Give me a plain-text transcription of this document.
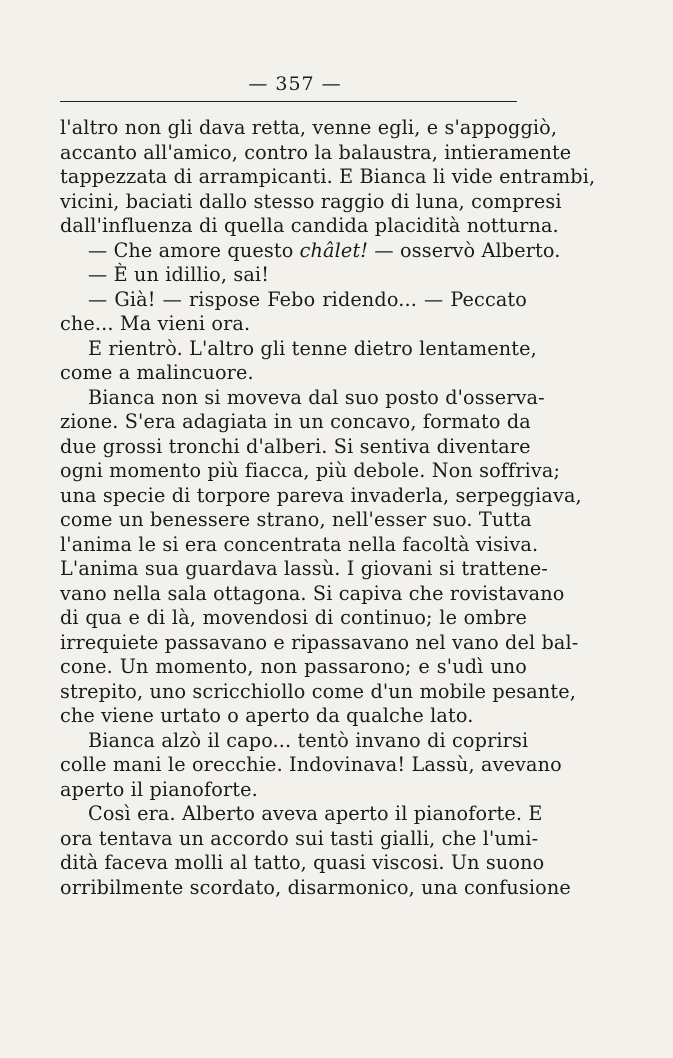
— 357 —
l'altro non gli dava retta, venne egli, e s'appoggiò,
accanto all'amico, contro la balaustra, intieramente
tappezzata di arrampicanti. E Bianca li vide entrambi,
vicini, baciati dallo stesso raggio di luna, compresi
dall'influenza di quella candida placidità notturna.
— Che amore questo châlet! — osservò Alberto.
— È un idillio, sai!
— Già! — rispose Febo ridendo... — Peccato
che... Ma vieni ora.
E rientrò. L'altro gli tenne dietro lentamente,
come a malincuore.
Bianca non si moveva dal suo posto d'osserva-
zione. S'era adagiata in un concavo, formato da
due grossi tronchi d'alberi. Si sentiva diventare
ogni momento più fiacca, più debole. Non soffriva;
una specie di torpore pareva invaderla, serpeggiava,
come un benessere strano, nell'esser suo. Tutta
l'anima le si era concentrata nella facoltà visiva.
L'anima sua guardava lassù. I giovani si trattene-
vano nella sala ottagona. Si capiva che rovistavano
di qua e di là, movendosi di continuo; le ombre
irrequiete passavano e ripassavano nel vano del bal-
cone. Un momento, non passarono; e s'udì uno
strepito, uno scricchiollo come d'un mobile pesante,
che viene urtato o aperto da qualche lato.
Bianca alzò il capo... tentò invano di coprirsi
colle mani le orecchie. Indovinava! Lassù, avevano
aperto il pianoforte.
Così era. Alberto aveva aperto il pianoforte. E
ora tentava un accordo sui tasti gialli, che l'umi-
dità faceva molli al tatto, quasi viscosi. Un suono
orribilmente scordato, disarmonico, una confusione
